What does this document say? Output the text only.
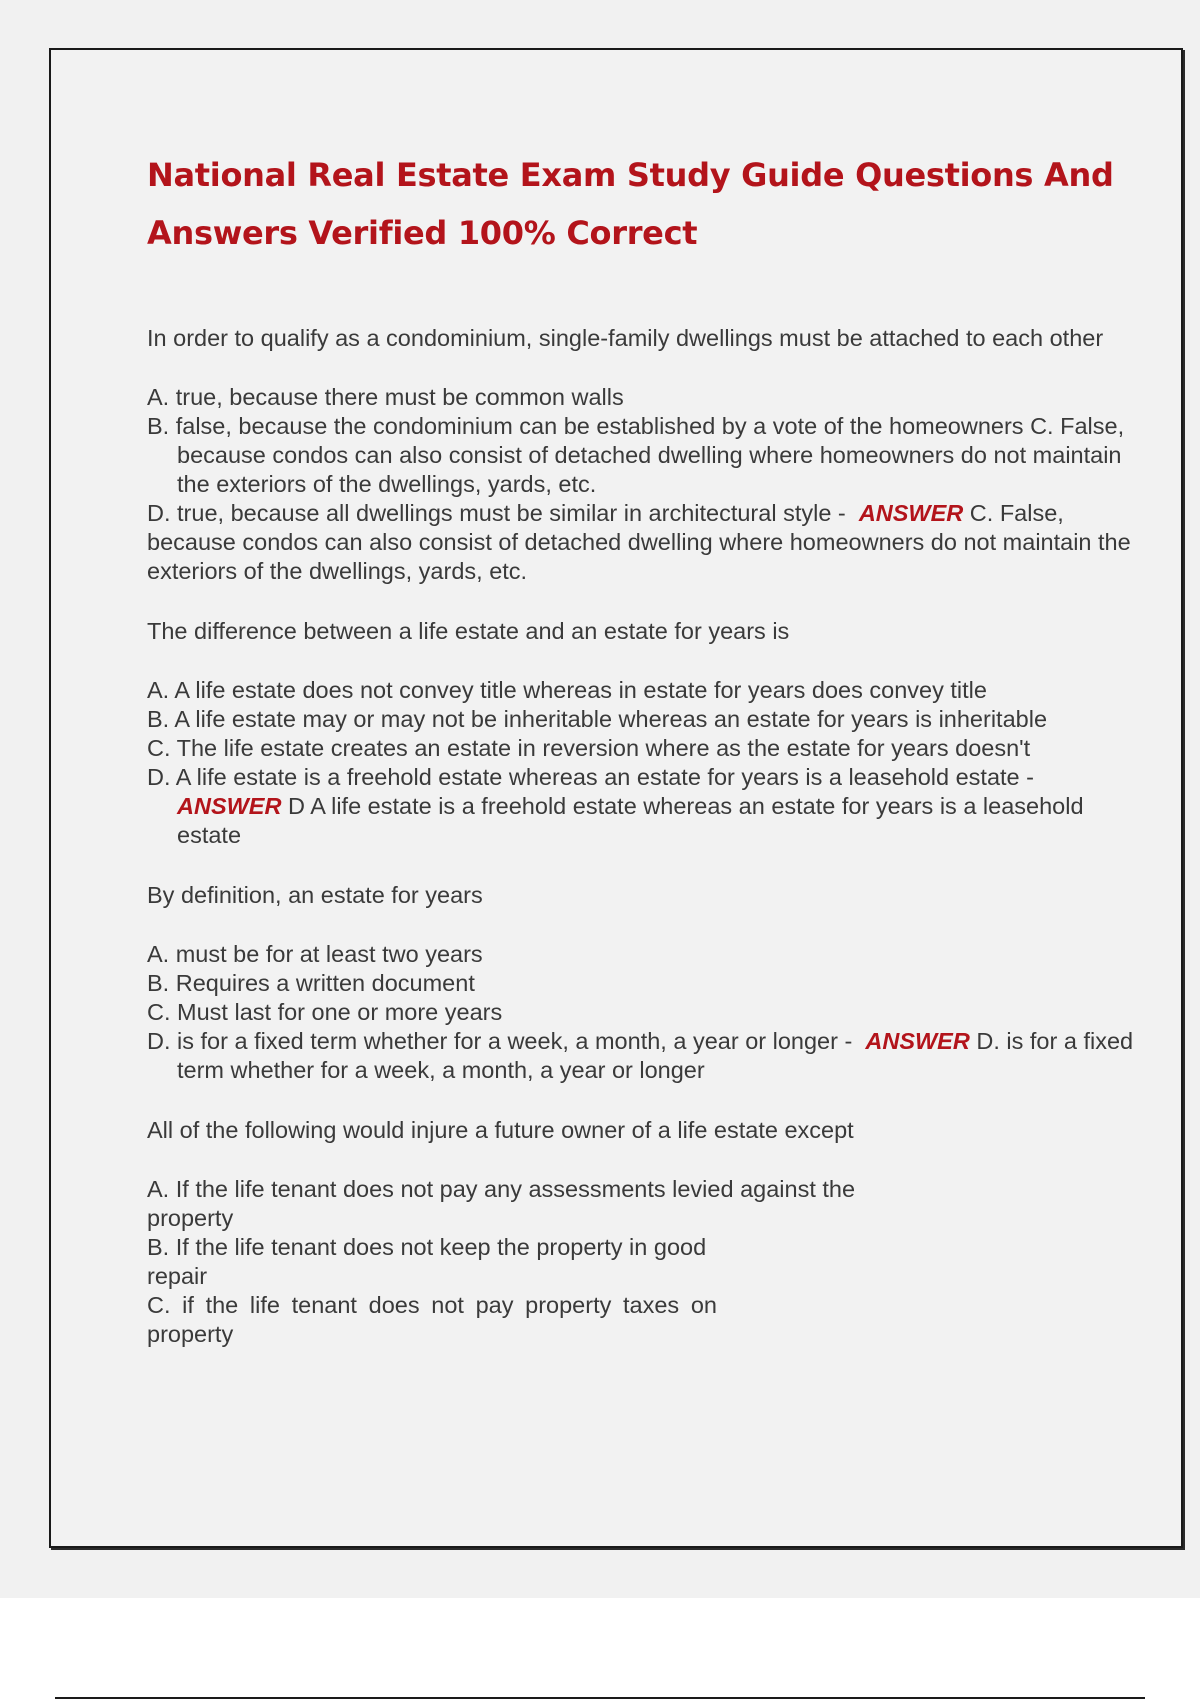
National Real Estate Exam Study Guide Questions And Answers Verified 100% Correct

In order to qualify as a condominium, single-family dwellings must be attached to each other

A. true, because there must be common walls

B. false, because the condominium can be established by a vote of the homeowners C. False, because condos can also consist of detached dwelling where homeowners do not maintain the exteriors of the dwellings, yards, etc.

D. true, because all dwellings must be similar in architectural style - ANSWER C. False, because condos can also consist of detached dwelling where homeowners do not maintain the exteriors of the dwellings, yards, etc.

The difference between a life estate and an estate for years is

A. A life estate does not convey title whereas in estate for years does convey title

B. A life estate may or may not be inheritable whereas an estate for years is inheritable

C. The life estate creates an estate in reversion where as the estate for years doesn't

D. A life estate is a freehold estate whereas an estate for years is a leasehold estate - ANSWER D A life estate is a freehold estate whereas an estate for years is a leasehold estate

By definition, an estate for years

A. must be for at least two years

B. Requires a written document

C. Must last for one or more years

D. is for a fixed term whether for a week, a month, a year or longer - ANSWER D. is for a fixed term whether for a week, a month, a year or longer

All of the following would injure a future owner of a life estate except

A. If the life tenant does not pay any assessments levied against the property

B. If the life tenant does not keep the property in good repair

C. if the life tenant does not pay property taxes on property
